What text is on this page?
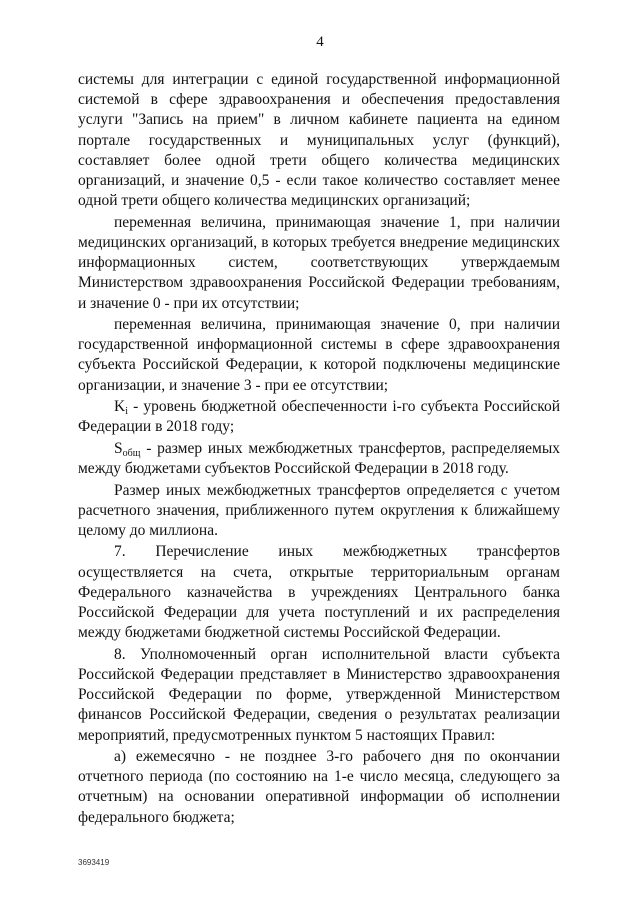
4

системы для интеграции с единой государственной информационной системой в сфере здравоохранения и обеспечения предоставления услуги "Запись на прием" в личном кабинете пациента на едином портале государственных и муниципальных услуг (функций), составляет более одной трети общего количества медицинских организаций, и значение 0,5 - если такое количество составляет менее одной трети общего количества медицинских организаций;

переменная величина, принимающая значение 1, при наличии медицинских организаций, в которых требуется внедрение медицинских информационных систем, соответствующих утверждаемым Министерством здравоохранения Российской Федерации требованиям, и значение 0 - при их отсутствии;

переменная величина, принимающая значение 0, при наличии государственной информационной системы в сфере здравоохранения субъекта Российской Федерации, к которой подключены медицинские организации, и значение 3 - при ее отсутствии;

$K_i$ - уровень бюджетной обеспеченности i-го субъекта Российской Федерации в 2018 году;

$S_{общ}$ - размер иных межбюджетных трансфертов, распределяемых между бюджетами субъектов Российской Федерации в 2018 году.

Размер иных межбюджетных трансфертов определяется с учетом расчетного значения, приближенного путем округления к ближайшему целому до миллиона.

7. Перечисление иных межбюджетных трансфертов осуществляется на счета, открытые территориальным органам Федерального казначейства в учреждениях Центрального банка Российской Федерации для учета поступлений и их распределения между бюджетами бюджетной системы Российской Федерации.

8. Уполномоченный орган исполнительной власти субъекта Российской Федерации представляет в Министерство здравоохранения Российской Федерации по форме, утвержденной Министерством финансов Российской Федерации, сведения о результатах реализации мероприятий, предусмотренных пунктом 5 настоящих Правил:

а) ежемесячно - не позднее 3-го рабочего дня по окончании отчетного периода (по состоянию на 1-е число месяца, следующего за отчетным) на основании оперативной информации об исполнении федерального бюджета;

3693419
